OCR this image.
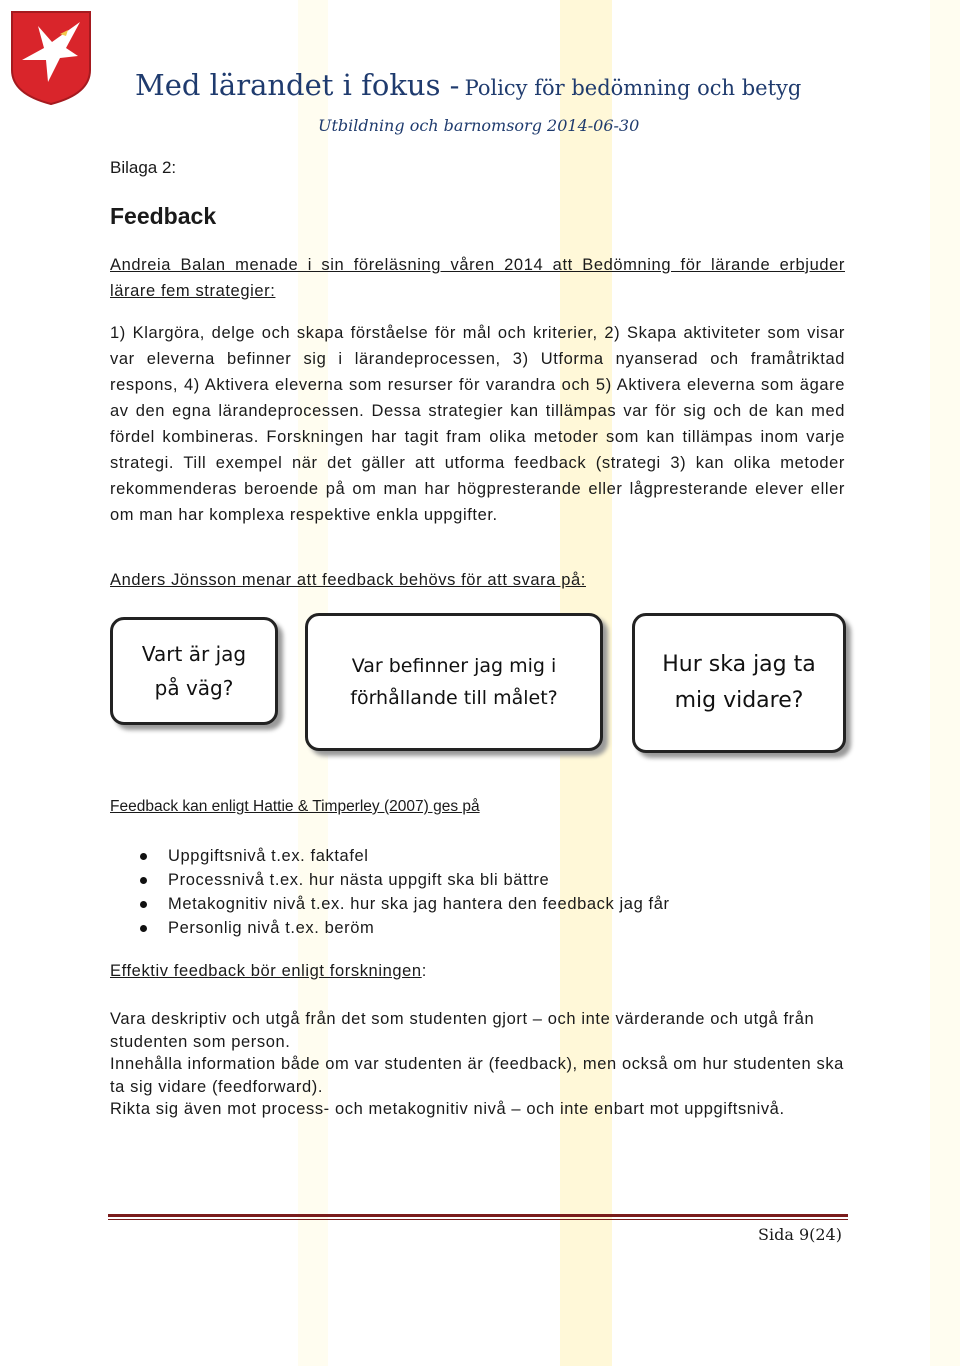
Med lärandet i fokus - Policy för bedömning och betyg
Utbildning och barnomsorg 2014-06-30
Bilaga 2:
Feedback
Andreia Balan menade i sin föreläsning våren 2014 att Bedömning för lärande erbjuder lärare fem strategier:
1) Klargöra, delge och skapa förståelse för mål och kriterier, 2) Skapa aktiviteter som visar var eleverna befinner sig i lärandeprocessen, 3) Utforma nyanserad och framåtriktad respons, 4) Aktivera eleverna som resurser för varandra och 5) Aktivera eleverna som ägare av den egna lärandeprocessen. Dessa strategier kan tillämpas var för sig och de kan med fördel kombineras. Forskningen har tagit fram olika metoder som kan tillämpas inom varje strategi. Till exempel när det gäller att utforma feedback (strategi 3) kan olika metoder rekommenderas beroende på om man har högpresterande eller lågpresterande elever eller om man har komplexa respektive enkla uppgifter.
Anders Jönsson menar att feedback behövs för att svara på:
Vart är jag
på väg?
Var befinner jag mig i
förhållande till målet?
Hur ska jag ta
mig vidare?
Feedback kan enligt Hattie & Timperley (2007) ges på
Uppgiftsnivå t.ex. faktafel
Processnivå t.ex. hur nästa uppgift ska bli bättre
Metakognitiv nivå t.ex. hur ska jag hantera den feedback jag får
Personlig nivå t.ex. beröm
Effektiv feedback bör enligt forskningen:
Vara deskriptiv och utgå från det som studenten gjort – och inte värderande och utgå från studenten som person.
Innehålla information både om var studenten är (feedback), men också om hur studenten ska ta sig vidare (feedforward).
Rikta sig även mot process- och metakognitiv nivå – och inte enbart mot uppgiftsnivå.
Sida 9(24)
